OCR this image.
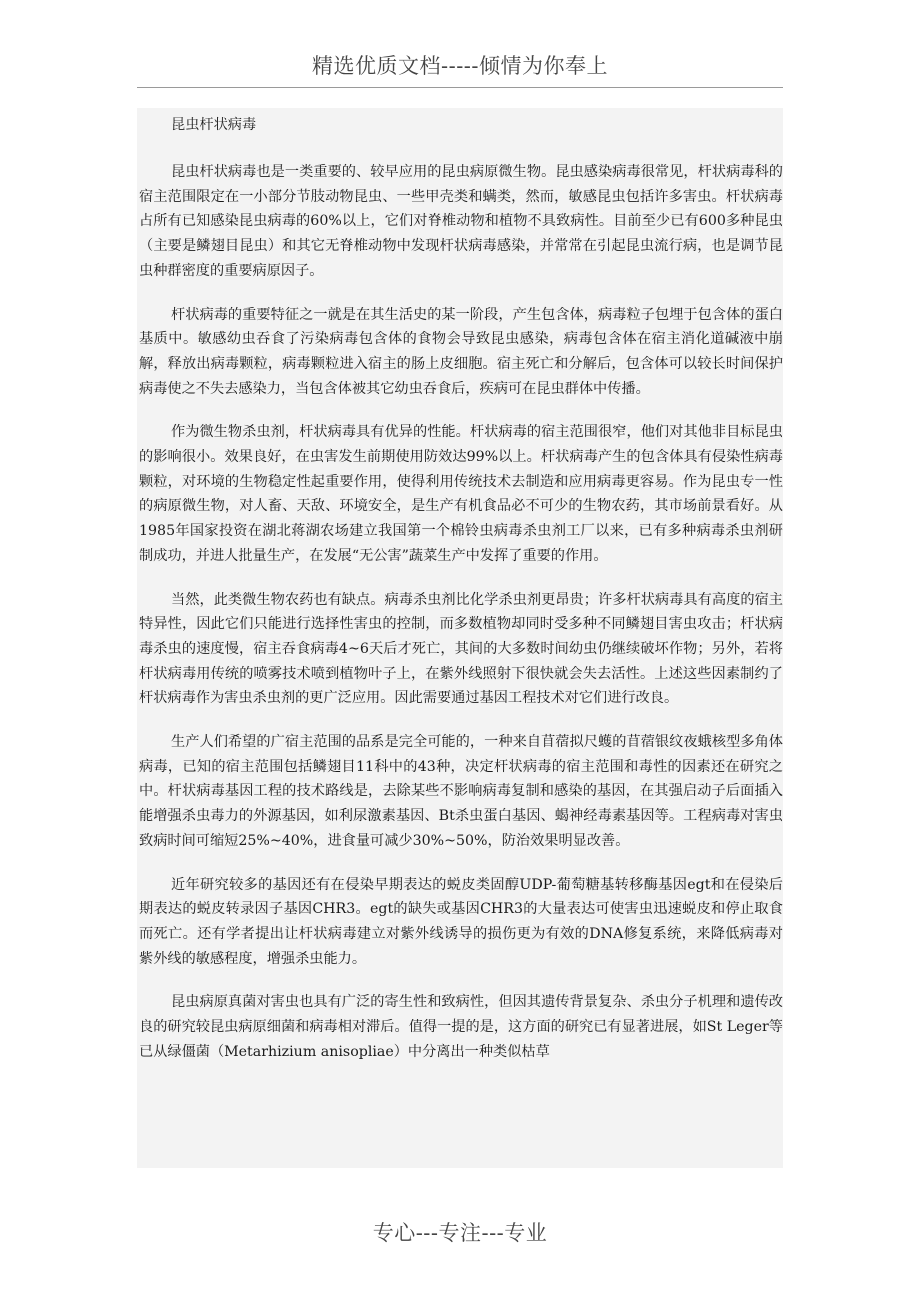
精选优质文档-----倾情为你奉上

昆虫杆状病毒

昆虫杆状病毒也是一类重要的、较早应用的昆虫病原微生物。昆虫感染病毒很常见，杆状病毒科的宿主范围限定在一小部分节肢动物昆虫、一些甲壳类和螨类，然而，敏感昆虫包括许多害虫。杆状病毒占所有已知感染昆虫病毒的60%以上，它们对脊椎动物和植物不具致病性。目前至少已有600多种昆虫（主要是鳞翅目昆虫）和其它无脊椎动物中发现杆状病毒感染，并常常在引起昆虫流行病，也是调节昆虫种群密度的重要病原因子。

杆状病毒的重要特征之一就是在其生活史的某一阶段，产生包含体，病毒粒子包埋于包含体的蛋白基质中。敏感幼虫吞食了污染病毒包含体的食物会导致昆虫感染，病毒包含体在宿主消化道碱液中崩解，释放出病毒颗粒，病毒颗粒进入宿主的肠上皮细胞。宿主死亡和分解后，包含体可以较长时间保护病毒使之不失去感染力，当包含体被其它幼虫吞食后，疾病可在昆虫群体中传播。

作为微生物杀虫剂，杆状病毒具有优异的性能。杆状病毒的宿主范围很窄，他们对其他非目标昆虫的影响很小。效果良好，在虫害发生前期使用防效达99%以上。杆状病毒产生的包含体具有侵染性病毒颗粒，对环境的生物稳定性起重要作用，使得利用传统技术去制造和应用病毒更容易。作为昆虫专一性的病原微生物，对人畜、天敌、环境安全，是生产有机食品必不可少的生物农药，其市场前景看好。从1985年国家投资在湖北蒋湖农场建立我国第一个棉铃虫病毒杀虫剂工厂以来，已有多种病毒杀虫剂研制成功，并进人批量生产，在发展“无公害”蔬菜生产中发挥了重要的作用。

当然，此类微生物农药也有缺点。病毒杀虫剂比化学杀虫剂更昂贵；许多杆状病毒具有高度的宿主特异性，因此它们只能进行选择性害虫的控制，而多数植物却同时受多种不同鳞翅目害虫攻击；杆状病毒杀虫的速度慢，宿主吞食病毒4~6天后才死亡，其间的大多数时间幼虫仍继续破坏作物；另外，若将杆状病毒用传统的喷雾技术喷到植物叶子上，在紫外线照射下很快就会失去活性。上述这些因素制约了杆状病毒作为害虫杀虫剂的更广泛应用。因此需要通过基因工程技术对它们进行改良。

生产人们希望的广宿主范围的品系是完全可能的，一种来自苜蓿拟尺蠖的苜蓿银纹夜蛾核型多角体病毒，已知的宿主范围包括鳞翅目11科中的43种，决定杆状病毒的宿主范围和毒性的因素还在研究之中。杆状病毒基因工程的技术路线是，去除某些不影响病毒复制和感染的基因，在其强启动子后面插入能增强杀虫毒力的外源基因，如利尿激素基因、Bt杀虫蛋白基因、蝎神经毒素基因等。工程病毒对害虫致病时间可缩短25%~40%，进食量可减少30%~50%，防治效果明显改善。

近年研究较多的基因还有在侵染早期表达的蜕皮类固醇UDP-葡萄糖基转移酶基因egt和在侵染后期表达的蜕皮转录因子基因CHR3。egt的缺失或基因CHR3的大量表达可使害虫迅速蜕皮和停止取食而死亡。还有学者提出让杆状病毒建立对紫外线诱导的损伤更为有效的DNA修复系统，来降低病毒对紫外线的敏感程度，增强杀虫能力。

昆虫病原真菌对害虫也具有广泛的寄生性和致病性，但因其遗传背景复杂、杀虫分子机理和遗传改良的研究较昆虫病原细菌和病毒相对滞后。值得一提的是，这方面的研究已有显著进展，如St Leger等已从绿僵菌（Metarhizium anisopliae）中分离出一种类似枯草

专心---专注---专业
